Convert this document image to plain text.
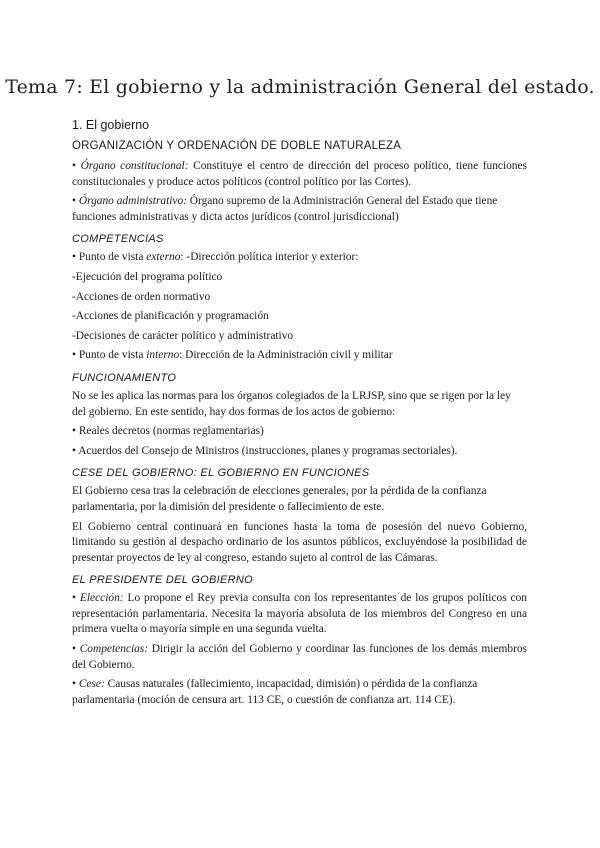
Tema 7: El gobierno y la administración General del estado.
1. El gobierno
ORGANIZACIÓN Y ORDENACIÓN DE DOBLE NATURALEZA

• Órgano constitucional: Constituye el centro de dirección del proceso político, tiene funciones constitucionales y produce actos políticos (control político por las Cortes).

• Órgano administrativo: Órgano supremo de la Administración General del Estado que tiene funciones administrativas y dicta actos jurídicos (control jurisdiccional)

COMPETENCIAS

• Punto de vista externo: -Dirección política interior y exterior:

-Ejecución del programa político

-Acciones de orden normativo

-Acciones de planificación y programación

-Decisiones de carácter político y administrativo

• Punto de vista interno: Dirección de la Administración civil y militar

FUNCIONAMIENTO

No se les aplica las normas para los órganos colegiados de la LRJSP, sino que se rigen por la ley del gobierno. En este sentido, hay dos formas de los actos de gobierno:

• Reales decretos (normas reglamentarias)

• Acuerdos del Consejo de Ministros (instrucciones, planes y programas sectoriales).

CESE DEL GOBIERNO: EL GOBIERNO EN FUNCIONES

El Gobierno cesa tras la celebración de elecciones generales, por la pérdida de la confianza parlamentaria, por la dimisión del presidente o fallecimiento de este.

El Gobierno central continuará en funciones hasta la toma de posesión del nuevo Gobierno, limitando su gestión al despacho ordinario de los asuntos públicos, excluyéndose la posibilidad de presentar proyectos de ley al congreso, estando sujeto al control de las Cámaras.

EL PRESIDENTE DEL GOBIERNO

• Elección: Lo propone el Rey previa consulta con los representantes de los grupos políticos con representación parlamentaria. Necesita la mayoría absoluta de los miembros del Congreso en una primera vuelta o mayoría simple en una segunda vuelta.

• Competencias: Dirigir la acción del Gobierno y coordinar las funciones de los demás miembros del Gobierno.

• Cese: Causas naturales (fallecimiento, incapacidad, dimisión) o pérdida de la confianza parlamentaria (moción de censura art. 113 CE, o cuestión de confianza art. 114 CE).
